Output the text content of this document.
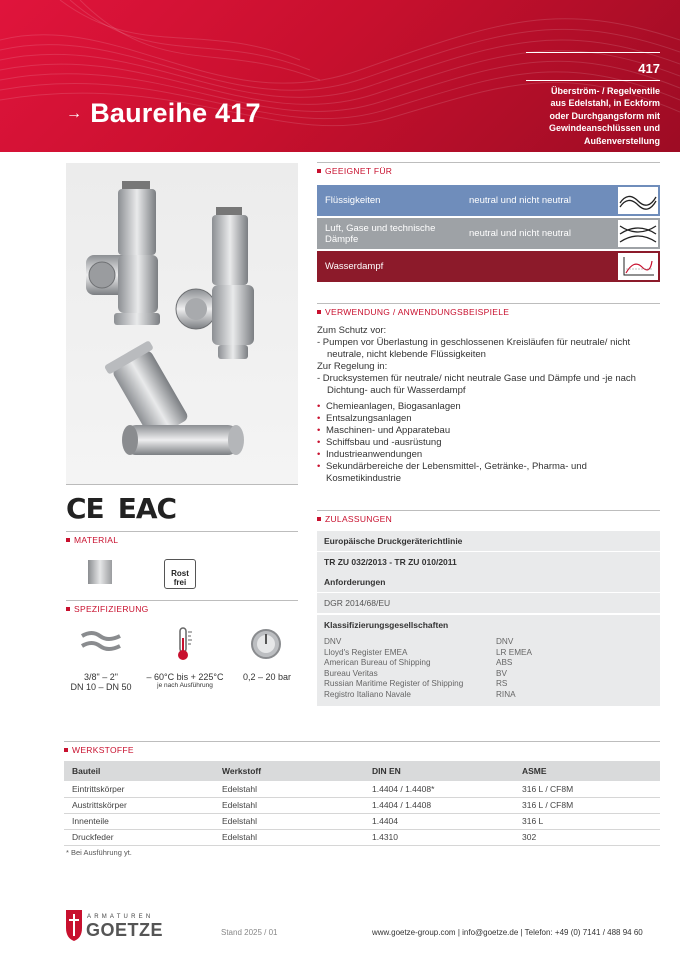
→ Baureihe 417
417
Überström- / Regelventile
aus Edelstahl, in Eckform
oder Durchgangsform mit
Gewindeanschlüssen und
Außenverstellung
CE EAC
MATERIAL
Rost
frei
SPEZIFIZIERUNG
3/8" – 2"
DN 10 – DN 50
– 60°C bis + 225°C
je nach Ausführung
0,2 – 20 bar
GEEIGNET FÜR
Flüssigkeiten	neutral und nicht neutral
Luft, Gase und technische Dämpfe	neutral und nicht neutral
Wasserdampf
VERWENDUNG / ANWENDUNGSBEISPIELE

Zum Schutz vor:

- Pumpen vor Überlastung in geschlossenen Kreisläufen für neutrale/ nicht neutrale, nicht klebende Flüssigkeiten

Zur Regelung in:

- Drucksystemen für neutrale/ nicht neutrale Gase und Dämpfe und -je nach Dichtung- auch für Wasserdampf

• Chemieanlagen, Biogasanlagen
• Entsalzungsanlagen
• Maschinen- und Apparatebau
• Schiffsbau und -ausrüstung
• Industrieanwendungen
• Sekundärbereiche der Lebensmittel-, Getränke-, Pharma- und Kosmetikindustrie
ZULASSUNGEN
Europäische Druckgeräterichtlinie
TR ZU 032/2013 - TR ZU 010/2011
Anforderungen
DGR 2014/68/EU
Klassifizierungsgesellschaften
DNV	DNV
Lloyd's Register EMEA	LR EMEA
American Bureau of Shipping	ABS
Bureau Veritas	BV
Russian Maritime Register of Shipping	RS
Registro Italiano Navale	RINA
WERKSTOFFE
Bauteil	Werkstoff	DIN EN	ASME
Eintrittskörper	Edelstahl	1.4404 / 1.4408*	316 L / CF8M
Austrittskörper	Edelstahl	1.4404 / 1.4408	316 L / CF8M
Innenteile	Edelstahl	1.4404	316 L
Druckfeder	Edelstahl	1.4310	302
* Bei Ausführung yt.
ARMATUREN
GOETZE	Stand 2025 / 01	www.goetze-group.com | info@goetze.de | Telefon: +49 (0) 7141 / 488 94 60
